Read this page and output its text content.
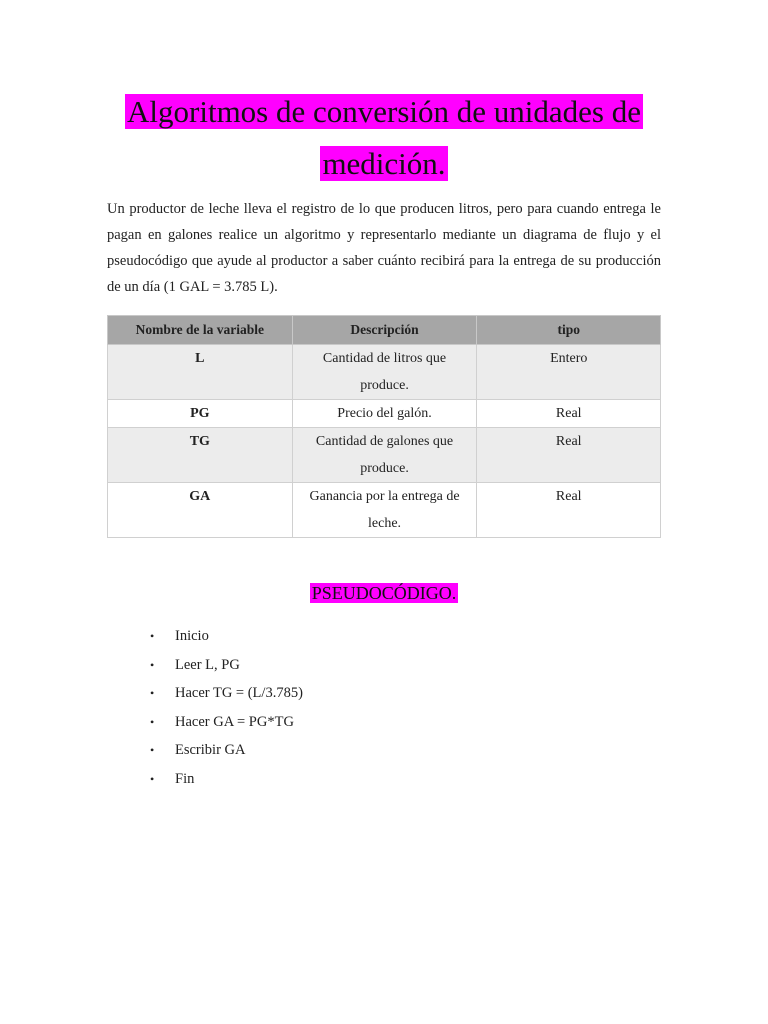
Algoritmos de conversión de unidades de
medición.

Un productor de leche lleva el registro de lo que producen litros, pero para cuando entrega le pagan en galones realice un algoritmo y representarlo mediante un diagrama de flujo y el pseudocódigo que ayude al productor a saber cuánto recibirá para la entrega de su producción de un día (1 GAL = 3.785 L).

Nombre de la variable	Descripción	tipo
L	Cantidad de litros que produce.	Entero
PG	Precio del galón.	Real
TG	Cantidad de galones que produce.	Real
GA	Ganancia por la entrega de leche.	Real
PSEUDOCÓDIGO.
• Inicio
• Leer L, PG
• Hacer TG = (L/3.785)
• Hacer GA = PG*TG
• Escribir GA
• Fin
